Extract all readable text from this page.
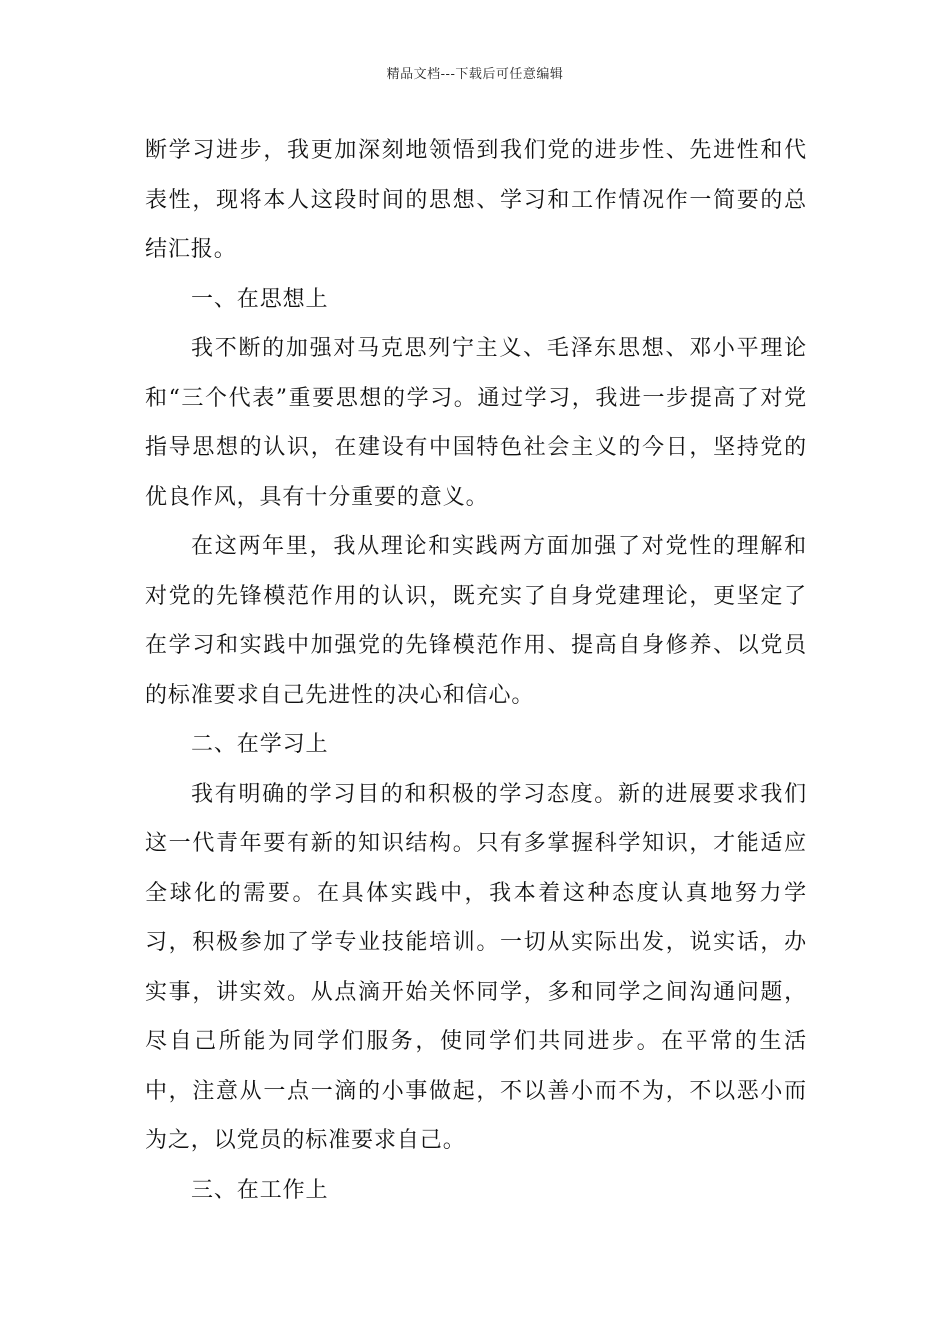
精品文档---下载后可任意编辑

断学习进步，我更加深刻地领悟到我们党的进步性、先进性和代表性，现将本人这段时间的思想、学习和工作情况作一简要的总结汇报。

一、在思想上

我不断的加强对马克思列宁主义、毛泽东思想、邓小平理论和“三个代表”重要思想的学习。通过学习，我进一步提高了对党指导思想的认识，在建设有中国特色社会主义的今日，坚持党的优良作风，具有十分重要的意义。

在这两年里，我从理论和实践两方面加强了对党性的理解和对党的先锋模范作用的认识，既充实了自身党建理论，更坚定了在学习和实践中加强党的先锋模范作用、提高自身修养、以党员的标准要求自己先进性的决心和信心。

二、在学习上

我有明确的学习目的和积极的学习态度。新的进展要求我们这一代青年要有新的知识结构。只有多掌握科学知识，才能适应全球化的需要。在具体实践中，我本着这种态度认真地努力学习，积极参加了学专业技能培训。一切从实际出发，说实话，办实事，讲实效。从点滴开始关怀同学，多和同学之间沟通问题，尽自己所能为同学们服务，使同学们共同进步。在平常的生活中，注意从一点一滴的小事做起，不以善小而不为，不以恶小而为之，以党员的标准要求自己。

三、在工作上
